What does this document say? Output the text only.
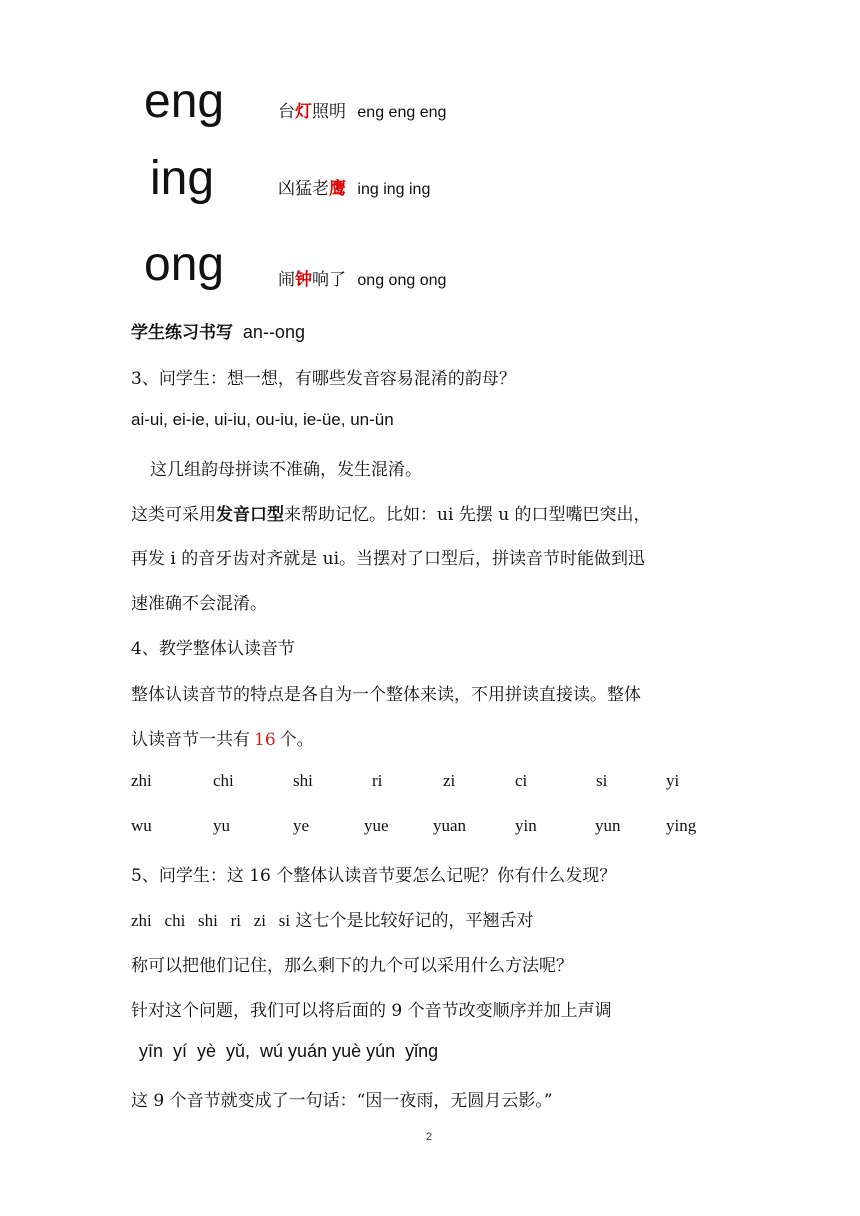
eng	台灯照明 eng eng eng
ing	凶猛老鹰 ing ing ing
ong	闹钟响了 ong ong ong
学生练习书写 an--ong
3、问学生：想一想，有哪些发音容易混淆的韵母？
ai-ui, ei-ie, ui-iu, ou-iu, ie-üe, un-ün
这几组韵母拼读不准确，发生混淆。
这类可采用发音口型来帮助记忆。比如：ui 先摆 u 的口型嘴巴突出，
再发 i 的音牙齿对齐就是 ui。当摆对了口型后，拼读音节时能做到迅
速准确不会混淆。
4、教学整体认读音节
整体认读音节的特点是各自为一个整体来读，不用拼读直接读。整体
认读音节一共有 16 个。
zhi	chi	shi	ri	zi	ci	si	yi
wu	yu	ye	yue	yuan	yin	yun	ying
5、问学生：这 16 个整体认读音节要怎么记呢？你有什么发现？
zhi   chi   shi   ri   zi   si 这七个是比较好记的，平翘舌对
称可以把他们记住，那么剩下的九个可以采用什么方法呢？
针对这个问题，我们可以将后面的 9 个音节改变顺序并加上声调
yīn  yí  yè  yǔ,  wú yuán yuè yún  yǐng
这 9 个音节就变成了一句话：“因一夜雨，无圆月云影。”
2
